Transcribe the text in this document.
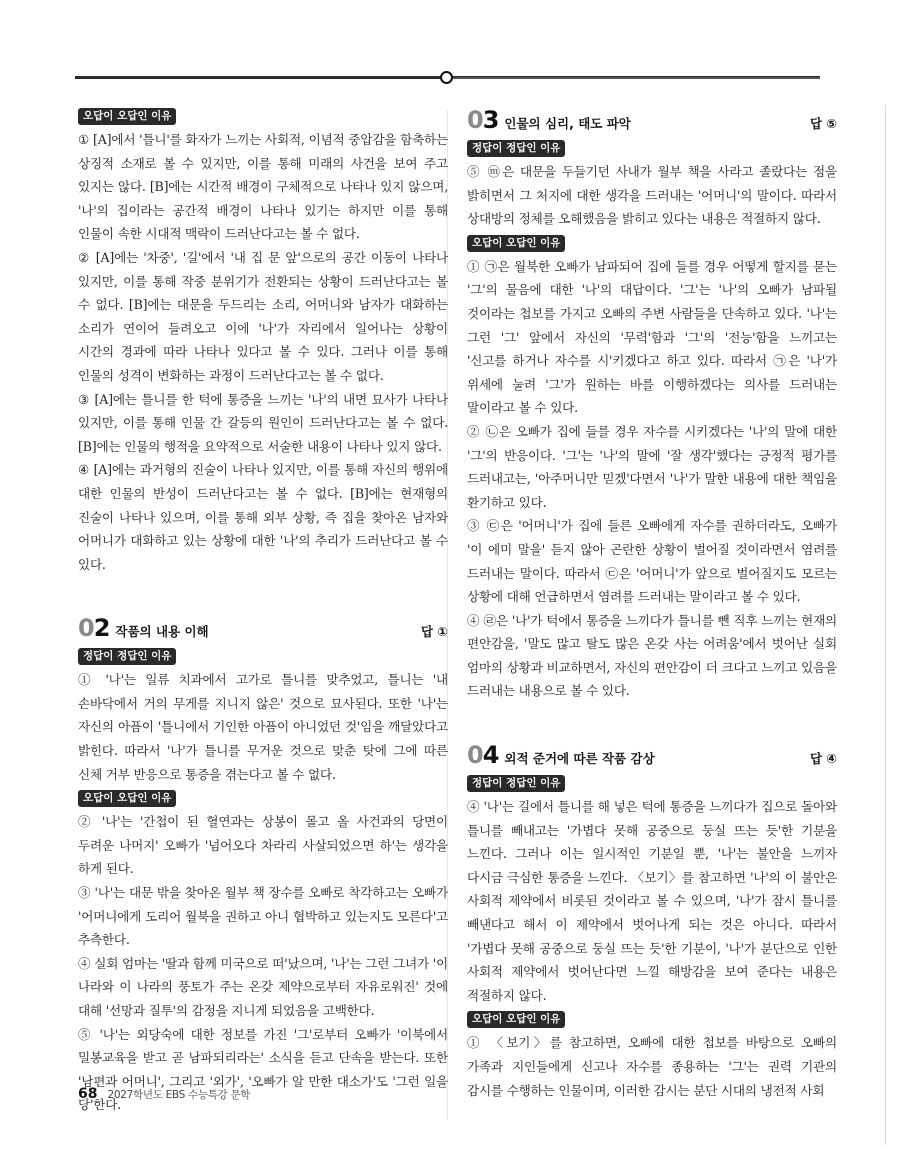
오답이 오답인 이유

① [A]에서 '틀니'를 화자가 느끼는 사회적, 이념적 중압감을 함축하는 상징적 소재로 볼 수 있지만, 이를 통해 미래의 사건을 보여 주고 있지는 않다. [B]에는 시간적 배경이 구체적으로 나타나 있지 않으며, '나'의 집이라는 공간적 배경이 나타나 있기는 하지만 이를 통해 인물이 속한 시대적 맥락이 드러난다고는 볼 수 없다.

② [A]에는 '차중', '길'에서 '내 집 문 앞'으로의 공간 이동이 나타나 있지만, 이를 통해 작중 분위기가 전환되는 상황이 드러난다고는 볼 수 없다. [B]에는 대문을 두드리는 소리, 어머니와 남자가 대화하는 소리가 연이어 들려오고 이에 '나'가 자리에서 일어나는 상황이 시간의 경과에 따라 나타나 있다고 볼 수 있다. 그러나 이를 통해 인물의 성격이 변화하는 과정이 드러난다고는 볼 수 없다.

③ [A]에는 틀니를 한 턱에 통증을 느끼는 '나'의 내면 묘사가 나타나 있지만, 이를 통해 인물 간 갈등의 원인이 드러난다고는 볼 수 없다. [B]에는 인물의 행적을 요약적으로 서술한 내용이 나타나 있지 않다.

④ [A]에는 과거형의 진술이 나타나 있지만, 이를 통해 자신의 행위에 대한 인물의 반성이 드러난다고는 볼 수 없다. [B]에는 현재형의 진술이 나타나 있으며, 이를 통해 외부 상황, 즉 집을 찾아온 남자와 어머니가 대화하고 있는 상황에 대한 '나'의 추리가 드러난다고 볼 수 있다.

02 작품의 내용 이해	답 ①
정답이 정답인 이유

① '나'는 일류 치과에서 고가로 틀니를 맞추었고, 틀니는 '내 손바닥에서 거의 무게를 지니지 않은' 것으로 묘사된다. 또한 '나'는 자신의 아픔이 '틀니에서 기인한 아픔이 아니었던 것'임을 깨달았다고 밝힌다. 따라서 '나'가 틀니를 무거운 것으로 맞춘 탓에 그에 따른 신체 거부 반응으로 통증을 겪는다고 볼 수 없다.

오답이 오답인 이유

② '나'는 '간첩이 된 혈연과는 상봉이 몰고 올 사건과의 당면이 두려운 나머지' 오빠가 '넘어오다 차라리 사살되었으면 하'는 생각을 하게 된다.

③ '나'는 대문 밖을 찾아온 월부 책 장수를 오빠로 착각하고는 오빠가 '어머니에게 도리어 월북을 권하고 아니 협박하고 있는지도 모른다'고 추측한다.

④ 실회 엄마는 '딸과 함께 미국으로 떠'났으며, '나'는 그런 그녀가 '이 나라와 이 나라의 풍토가 주는 온갖 제약으로부터 자유로워진' 것에 대해 '선망과 질투'의 감정을 지니게 되었음을 고백한다.

⑤ '나'는 외당숙에 대한 정보를 가진 '그'로부터 오빠가 '이북에서 밀봉교육을 받고 곧 남파되리라는' 소식을 듣고 단속을 받는다. 또한 '남편과 어머니', 그리고 '외가', '오빠가 알 만한 대소가'도 '그런 일을 당'한다.

03 인물의 심리, 태도 파악	답 ⑤
정답이 정답인 이유

⑤ ⓜ은 대문을 두들기던 사내가 월부 책을 사라고 졸랐다는 점을 밝히면서 그 처지에 대한 생각을 드러내는 '어머니'의 말이다. 따라서 상대방의 정체를 오해했음을 밝히고 있다는 내용은 적절하지 않다.

오답이 오답인 이유

① ㉠은 월북한 오빠가 남파되어 집에 들를 경우 어떻게 할지를 묻는 '그'의 물음에 대한 '나'의 대답이다. '그'는 '나'의 오빠가 남파될 것이라는 첩보를 가지고 오빠의 주변 사람들을 단속하고 있다. '나'는 그런 '그' 앞에서 자신의 '무력'함과 '그'의 '전능'함을 느끼고는 '신고를 하거나 자수를 시'키겠다고 하고 있다. 따라서 ㉠은 '나'가 위세에 눌려 '그'가 원하는 바를 이행하겠다는 의사를 드러내는 말이라고 볼 수 있다.

② ㉡은 오빠가 집에 들를 경우 자수를 시키겠다는 '나'의 말에 대한 '그'의 반응이다. '그'는 '나'의 말에 '잘 생각'했다는 긍정적 평가를 드러내고는, '아주머니만 믿겠'다면서 '나'가 말한 내용에 대한 책임을 환기하고 있다.

③ ㉢은 '어머니'가 집에 들른 오빠에게 자수를 권하더라도, 오빠가 '이 에미 말을' 듣지 않아 곤란한 상황이 벌어질 것이라면서 염려를 드러내는 말이다. 따라서 ㉢은 '어머니'가 앞으로 벌어질지도 모르는 상황에 대해 언급하면서 염려를 드러내는 말이라고 볼 수 있다.

④ ㉣은 '나'가 턱에서 통증을 느끼다가 틀니를 뺀 직후 느끼는 현재의 편안감을, '말도 많고 탈도 많은 온갖 사는 어려움'에서 벗어난 실회 엄마의 상황과 비교하면서, 자신의 편안감이 더 크다고 느끼고 있음을 드러내는 내용으로 볼 수 있다.

04 외적 준거에 따른 작품 감상	답 ④
정답이 정답인 이유

④ '나'는 길에서 틀니를 해 넣은 턱에 통증을 느끼다가 집으로 돌아와 틀니를 빼내고는 '가볍다 못해 공중으로 둥실 뜨는 듯'한 기분을 느낀다. 그러나 이는 일시적인 기분일 뿐, '나'는 불안을 느끼자 다시금 극심한 통증을 느낀다. 〈보기〉를 참고하면 '나'의 이 불안은 사회적 제약에서 비롯된 것이라고 볼 수 있으며, '나'가 잠시 틀니를 빼낸다고 해서 이 제약에서 벗어나게 되는 것은 아니다. 따라서 '가볍다 못해 공중으로 둥실 뜨는 듯'한 기분이, '나'가 분단으로 인한 사회적 제약에서 벗어난다면 느낄 해방감을 보여 준다는 내용은 적절하지 않다.

오답이 오답인 이유

① 〈보기〉를 참고하면, 오빠에 대한 첩보를 바탕으로 오빠의 가족과 지인들에게 신고나 자수를 종용하는 '그'는 권력 기관의 감시를 수행하는 인물이며, 이러한 감시는 분단 시대의 냉전적 사회

68 2027학년도 EBS 수능특강 문학
